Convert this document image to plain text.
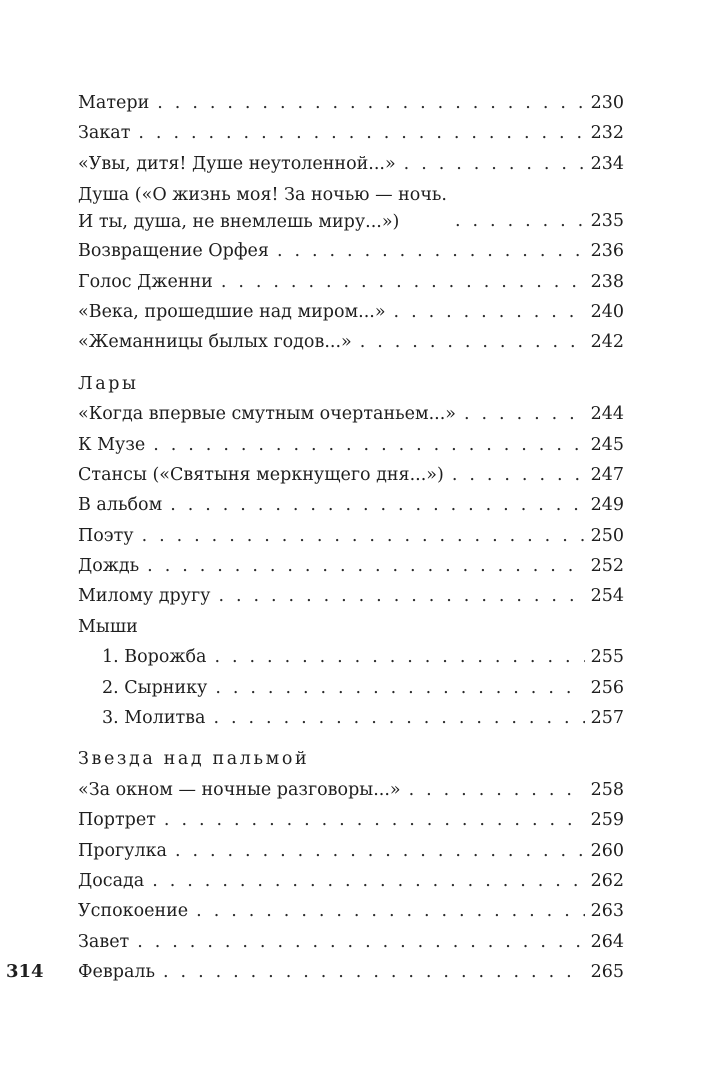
Матери . . .	230
Закат . . .	232
«Увы, дитя! Душе неутоленной...» . . .	234
Душа («О жизнь моя! За ночью — ночь.
И ты, душа, не внемлешь миру...») . . .	235
Возвращение Орфея . . .	236
Голос Дженни . . .	238
«Века, прошедшие над миром...» . . .	240
«Жеманницы былых годов...» . . .	242
Лары
«Когда впервые смутным очертаньем...» . . .	244
К Музе . . .	245
Стансы («Святыня меркнущего дня...») . . .	247
В альбом . . .	249
Поэту . . .	250
Дождь . . .	252
Милому другу . . .	254
Мыши
1. Ворожба . . .	255
2. Сырнику . . .	256
3. Молитва . . .	257
Звезда над пальмой
«За окном — ночные разговоры...» . . .	258
Портрет . . .	259
Прогулка . . .	260
Досада . . .	262
Успокоение . . .	263
Завет . . .	264
Февраль . . .	265
314
